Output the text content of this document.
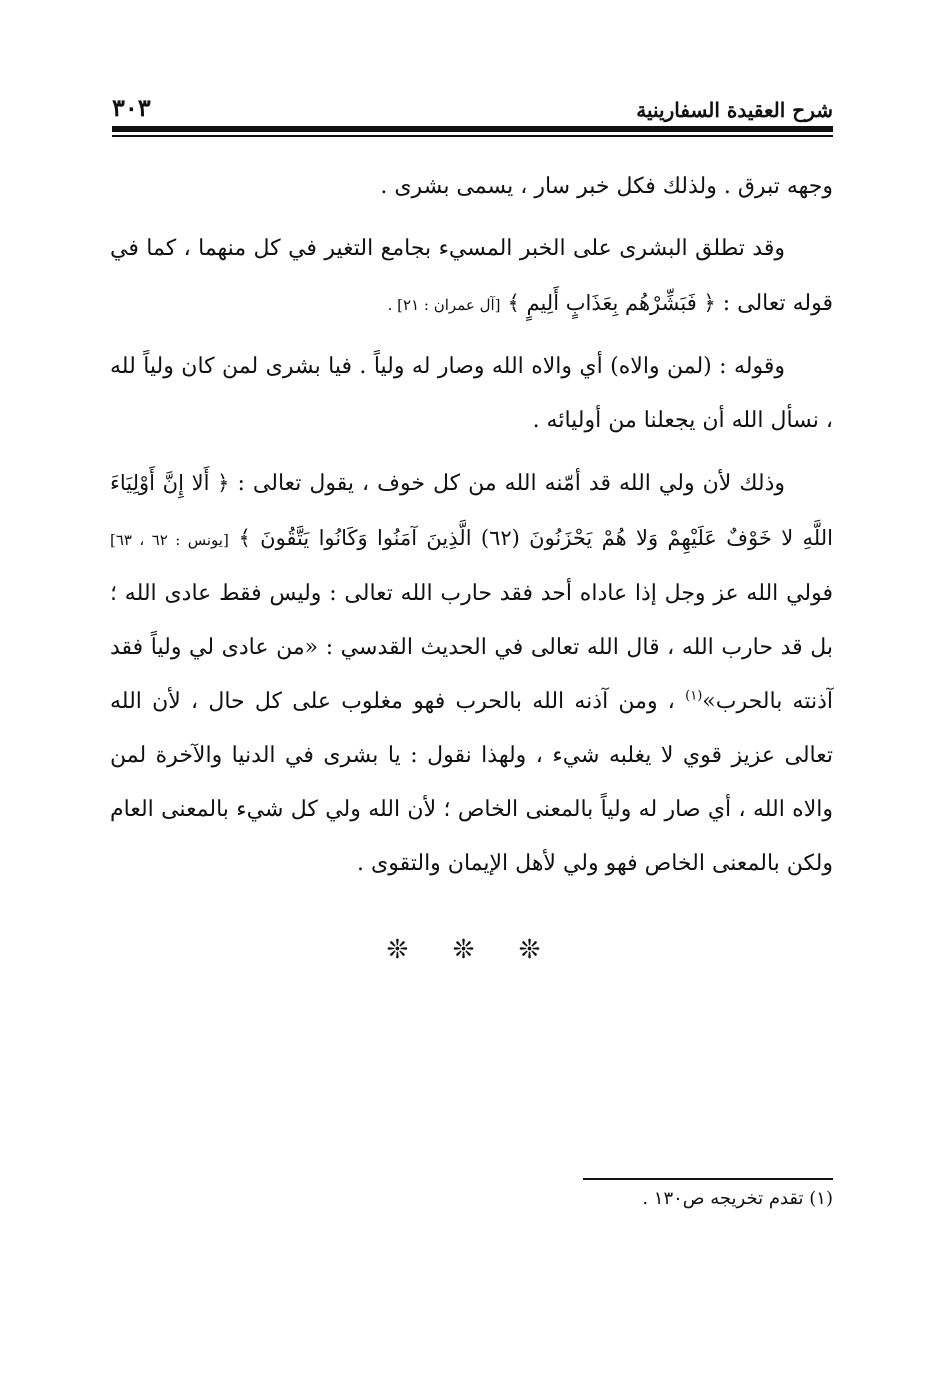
شرح العقيدة السفارينية
٣٠٣

وجهه تبرق . ولذلك فكل خبر سار ، يسمى بشرى .

وقد تطلق البشرى على الخبر المسيء بجامع التغير في كل منهما ، كما في قوله تعالى : ﴿ فَبَشِّرْهُم بِعَذَابٍ أَلِيمٍ ﴾ [آل عمران : ٢١] .

وقوله : (لمن والاه) أي والاه الله وصار له ولياً . فيا بشرى لمن كان ولياً لله ، نسأل الله أن يجعلنا من أوليائه .

وذلك لأن ولي الله قد أمّنه الله من كل خوف ، يقول تعالى : ﴿ أَلا إِنَّ أَوْلِيَاءَ اللَّهِ لا خَوْفٌ عَلَيْهِمْ وَلا هُمْ يَحْزَنُونَ (٦٢) الَّذِينَ آمَنُوا وَكَانُوا يَتَّقُونَ ﴾ [يونس : ٦٢ ، ٦٣] فولي الله عز وجل إذا عاداه أحد فقد حارب الله تعالى : وليس فقط عادى الله ؛ بل قد حارب الله ، قال الله تعالى في الحديث القدسي : «من عادى لي ولياً فقد آذنته بالحرب»$^{(١)}$ ، ومن آذنه الله بالحرب فهو مغلوب على كل حال ، لأن الله تعالى عزيز قوي لا يغلبه شيء ، ولهذا نقول : يا بشرى في الدنيا والآخرة لمن والاه الله ، أي صار له ولياً بالمعنى الخاص ؛ لأن الله ولي كل شيء بالمعنى العام ولكن بالمعنى الخاص فهو ولي لأهل الإيمان والتقوى .

❊ ❊ ❊
(١) تقدم تخريجه ص١٣٠ .
